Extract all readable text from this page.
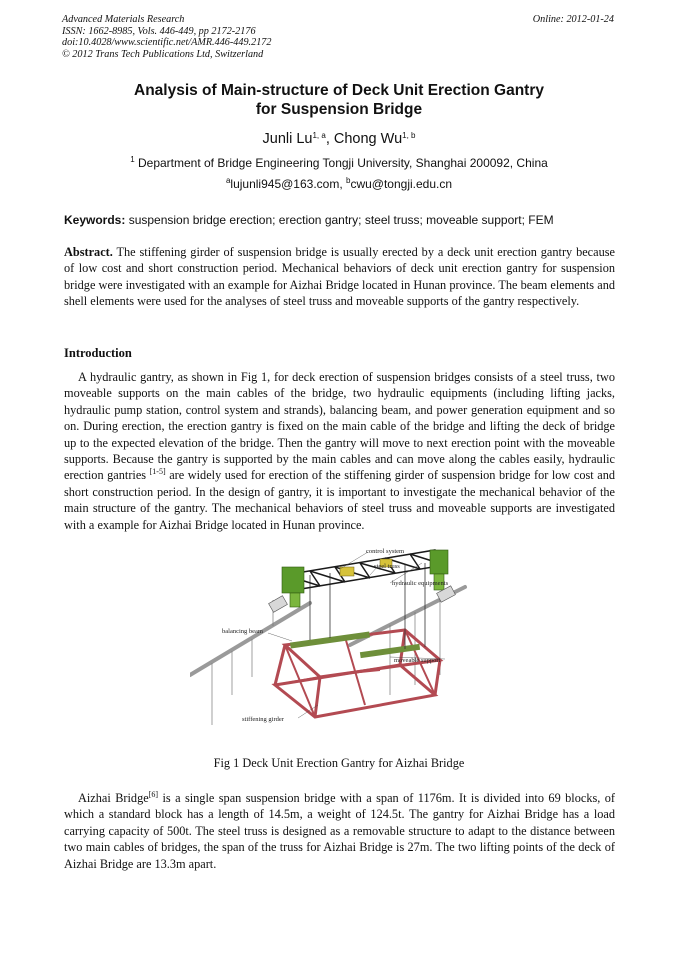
Advanced Materials Research
ISSN: 1662-8985, Vols. 446-449, pp 2172-2176
doi:10.4028/www.scientific.net/AMR.446-449.2172
© 2012 Trans Tech Publications Ltd, Switzerland
Online: 2012-01-24
Analysis of Main-structure of Deck Unit Erection Gantry
for Suspension Bridge
Junli Lu$^{1, a}$, Chong Wu$^{1, b}$
$^1$ Department of Bridge Engineering Tongji University, Shanghai 200092, China
$^a$lujunli945@163.com, $^b$cwu@tongji.edu.cn
Keywords: suspension bridge erection; erection gantry; steel truss; moveable support; FEM

Abstract. The stiffening girder of suspension bridge is usually erected by a deck unit erection gantry because of low cost and short construction period. Mechanical behaviors of deck unit erection gantry for suspension bridge were investigated with an example for Aizhai Bridge located in Hunan province. The beam elements and shell elements were used for the analyses of steel truss and moveable supports of the gantry respectively.

Introduction

A hydraulic gantry, as shown in Fig 1, for deck erection of suspension bridges consists of a steel truss, two moveable supports on the main cables of the bridge, two hydraulic equipments (including lifting jacks, hydraulic pump station, control system and strands), balancing beam, and power generation equipment and so on. During erection, the erection gantry is fixed on the main cable of the bridge and lifting the deck of bridge up to the expected elevation of the bridge. Then the gantry will move to next erection point with the moveable supports. Because the gantry is supported by the main cables and can move along the cables easily, hydraulic erection gantries [1-5] are widely used for erection of the stiffening girder of suspension bridge for low cost and short construction period. In the design of gantry, it is important to investigate the mechanical behavior of the main structure of the gantry. The mechanical behaviors of steel truss and moveable supports are investigated with a example for Aizhai Bridge located in Hunan province.

control system
steel truss
hydraulic equipments
balancing beam
moveable support
stiffening girder
Fig 1 Deck Unit Erection Gantry for Aizhai Bridge

Aizhai Bridge[6] is a single span suspension bridge with a span of 1176m. It is divided into 69 blocks, of which a standard block has a length of 14.5m, a weight of 124.5t. The gantry for Aizhai Bridge has a load carrying capacity of 500t. The steel truss is designed as a removable structure to adapt to the distance between two main cables of bridges, the span of the truss for Aizhai Bridge is 27m. The two lifting points of the deck of Aizhai Bridge are 13.3m apart.
